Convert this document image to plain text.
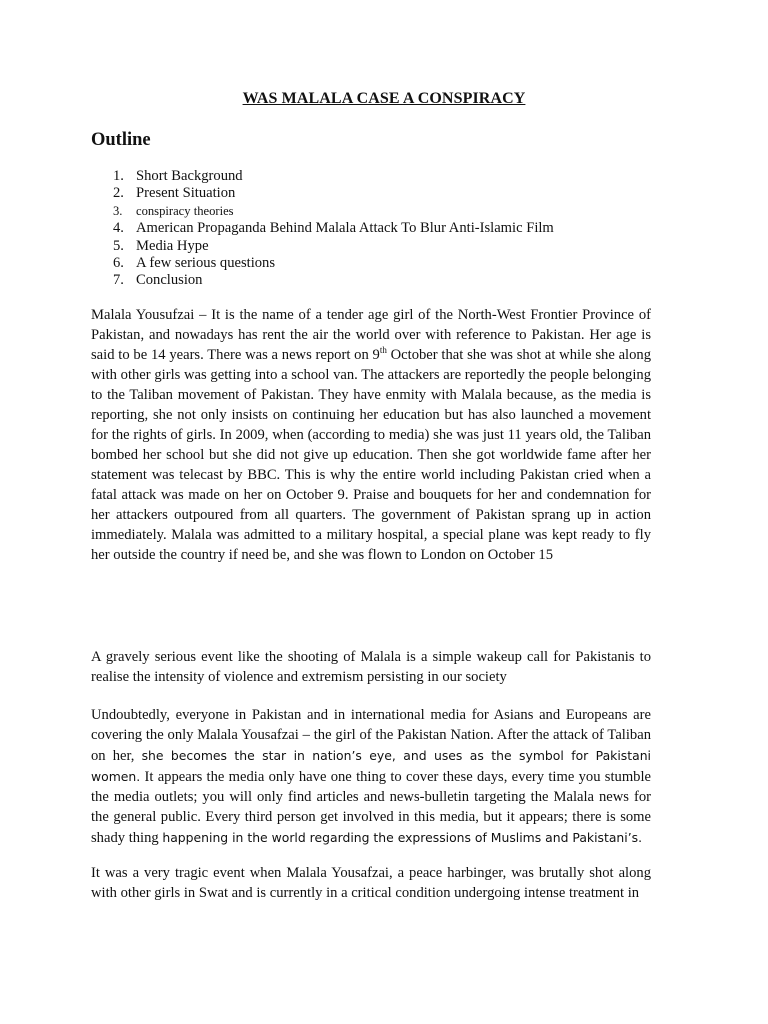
WAS MALALA CASE A CONSPIRACY
Outline
1. Short Background
2. Present Situation
3.	conspiracy theories
4. American Propaganda Behind Malala Attack To Blur Anti-Islamic Film
5. Media Hype
6. A few serious questions
7. Conclusion

Malala Yousufzai – It is the name of a tender age girl of the North-West Frontier Province of Pakistan, and nowadays has rent the air the world over with reference to Pakistan. Her age is said to be 14 years. There was a news report on 9th October that she was shot at while she along with other girls was getting into a school van. The attackers are reportedly the people belonging to the Taliban movement of Pakistan. They have enmity with Malala because, as the media is reporting, she not only insists on continuing her education but has also launched a movement for the rights of girls. In 2009, when (according to media) she was just 11 years old, the Taliban bombed her school but she did not give up education. Then she got worldwide fame after her statement was telecast by BBC. This is why the entire world including Pakistan cried when a fatal attack was made on her on October 9. Praise and bouquets for her and condemnation for her attackers outpoured from all quarters. The government of Pakistan sprang up in action immediately. Malala was admitted to a military hospital, a special plane was kept ready to fly her outside the country if need be, and she was flown to London on October 15

A gravely serious event like the shooting of Malala is a simple wakeup call for Pakistanis to realise the intensity of violence and extremism persisting in our society

Undoubtedly, everyone in Pakistan and in international media for Asians and Europeans are covering the only Malala Yousafzai – the girl of the Pakistan Nation. After the attack of Taliban on her, she becomes the star in nation’s eye, and uses as the symbol for Pakistani women. It appears the media only have one thing to cover these days, every time you stumble the media outlets; you will only find articles and news-bulletin targeting the Malala news for the general public. Every third person get involved in this media, but it appears; there is some shady thing happening in the world regarding the expressions of Muslims and Pakistani’s.

It was a very tragic event when Malala Yousafzai, a peace harbinger, was brutally shot along with other girls in Swat and is currently in a critical condition undergoing intense treatment in
